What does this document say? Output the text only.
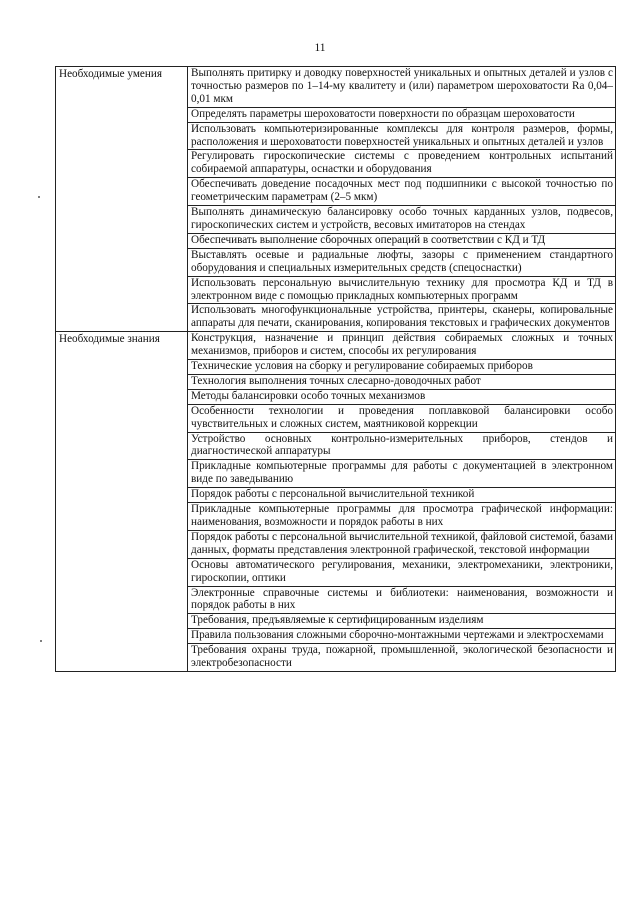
11
Необходимые умения	Выполнять притирку и доводку поверхностей уникальных и опытных деталей и узлов с точностью размеров по 1–14-му квалитету и (или) параметром шероховатости Ra 0,04–0,01 мкм
	Определять параметры шероховатости поверхности по образцам шероховатости
	Использовать компьютеризированные комплексы для контроля размеров, формы, расположения и шероховатости поверхностей уникальных и опытных деталей и узлов
	Регулировать гироскопические системы с проведением контрольных испытаний собираемой аппаратуры, оснастки и оборудования
	Обеспечивать доведение посадочных мест под подшипники с высокой точностью по геометрическим параметрам (2–5 мкм)
	Выполнять динамическую балансировку особо точных карданных узлов, подвесов, гироскопических систем и устройств, весовых имитаторов на стендах
	Обеспечивать выполнение сборочных операций в соответствии с КД и ТД
	Выставлять осевые и радиальные люфты, зазоры с применением стандартного оборудования и специальных измерительных средств (спецоснастки)
	Использовать персональную вычислительную технику для просмотра КД и ТД в электронном виде с помощью прикладных компьютерных программ
	Использовать многофункциональные устройства, принтеры, сканеры, копировальные аппараты для печати, сканирования, копирования текстовых и графических документов
Необходимые знания	Конструкция, назначение и принцип действия собираемых сложных и точных механизмов, приборов и систем, способы их регулирования
	Технические условия на сборку и регулирование собираемых приборов
	Технология выполнения точных слесарно-доводочных работ
	Методы балансировки особо точных механизмов
	Особенности технологии и проведения поплавковой балансировки особо чувствительных и сложных систем, маятниковой коррекции
	Устройство основных контрольно-измерительных приборов, стендов и диагностической аппаратуры
	Прикладные компьютерные программы для работы с документацией в электронном виде по заведыванию
	Порядок работы с персональной вычислительной техникой
	Прикладные компьютерные программы для просмотра графической информации: наименования, возможности и порядок работы в них
	Порядок работы с персональной вычислительной техникой, файловой системой, базами данных, форматы представления электронной графической, текстовой информации
	Основы автоматического регулирования, механики, электромеханики, электроники, гироскопии, оптики
	Электронные справочные системы и библиотеки: наименования, возможности и порядок работы в них
	Требования, предъявляемые к сертифицированным изделиям
	Правила пользования сложными сборочно-монтажными чертежами и электросхемами
	Требования охраны труда, пожарной, промышленной, экологической безопасности и электробезопасности
